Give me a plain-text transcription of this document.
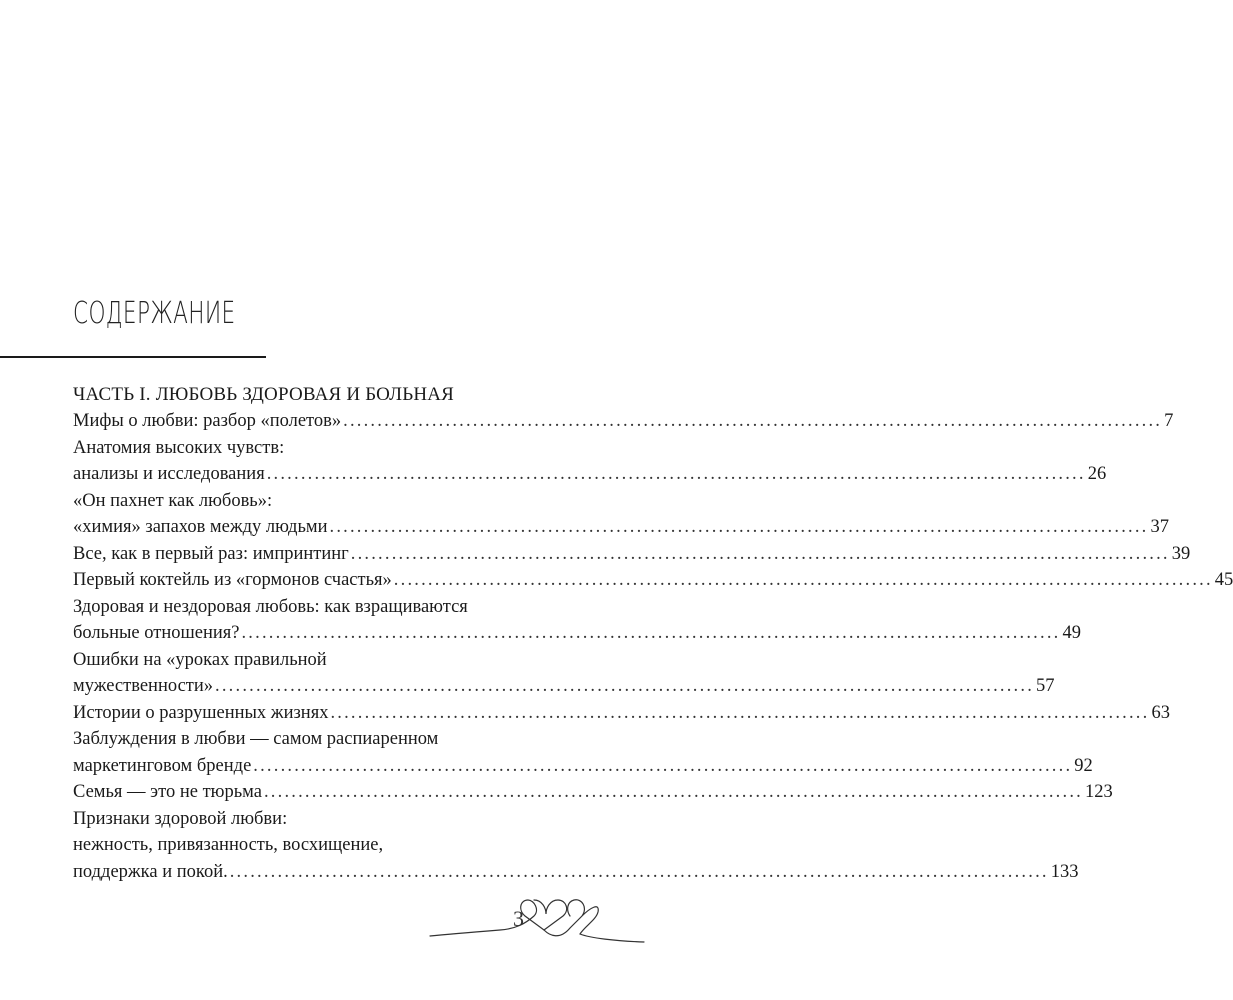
СОДЕРЖАНИЕ
ЧАСТЬ I. ЛЮБОВЬ ЗДОРОВАЯ И БОЛЬНАЯ
Мифы о любви: разбор «полетов» ........................................................................................................................ 7
Анатомия высоких чувств:
анализы и исследования ........................................................................................................................ 26
«Он пахнет как любовь»:
«химия» запахов между людьми ........................................................................................................................ 37
Все, как в первый раз: импринтинг ........................................................................................................................ 39
Первый коктейль из «гормонов счастья» ........................................................................................................................ 45
Здоровая и нездоровая любовь: как взращиваются
больные отношения? ........................................................................................................................ 49
Ошибки на «уроках правильной
мужественности» ........................................................................................................................ 57
Истории о разрушенных жизнях ........................................................................................................................ 63
Заблуждения в любви — самом распиаренном
маркетинговом бренде ........................................................................................................................ 92
Семья — это не тюрьма ........................................................................................................................ 123
Признаки здоровой любви:
нежность, привязанность, восхищение,
поддержка и покой. ........................................................................................................................ 133
3
